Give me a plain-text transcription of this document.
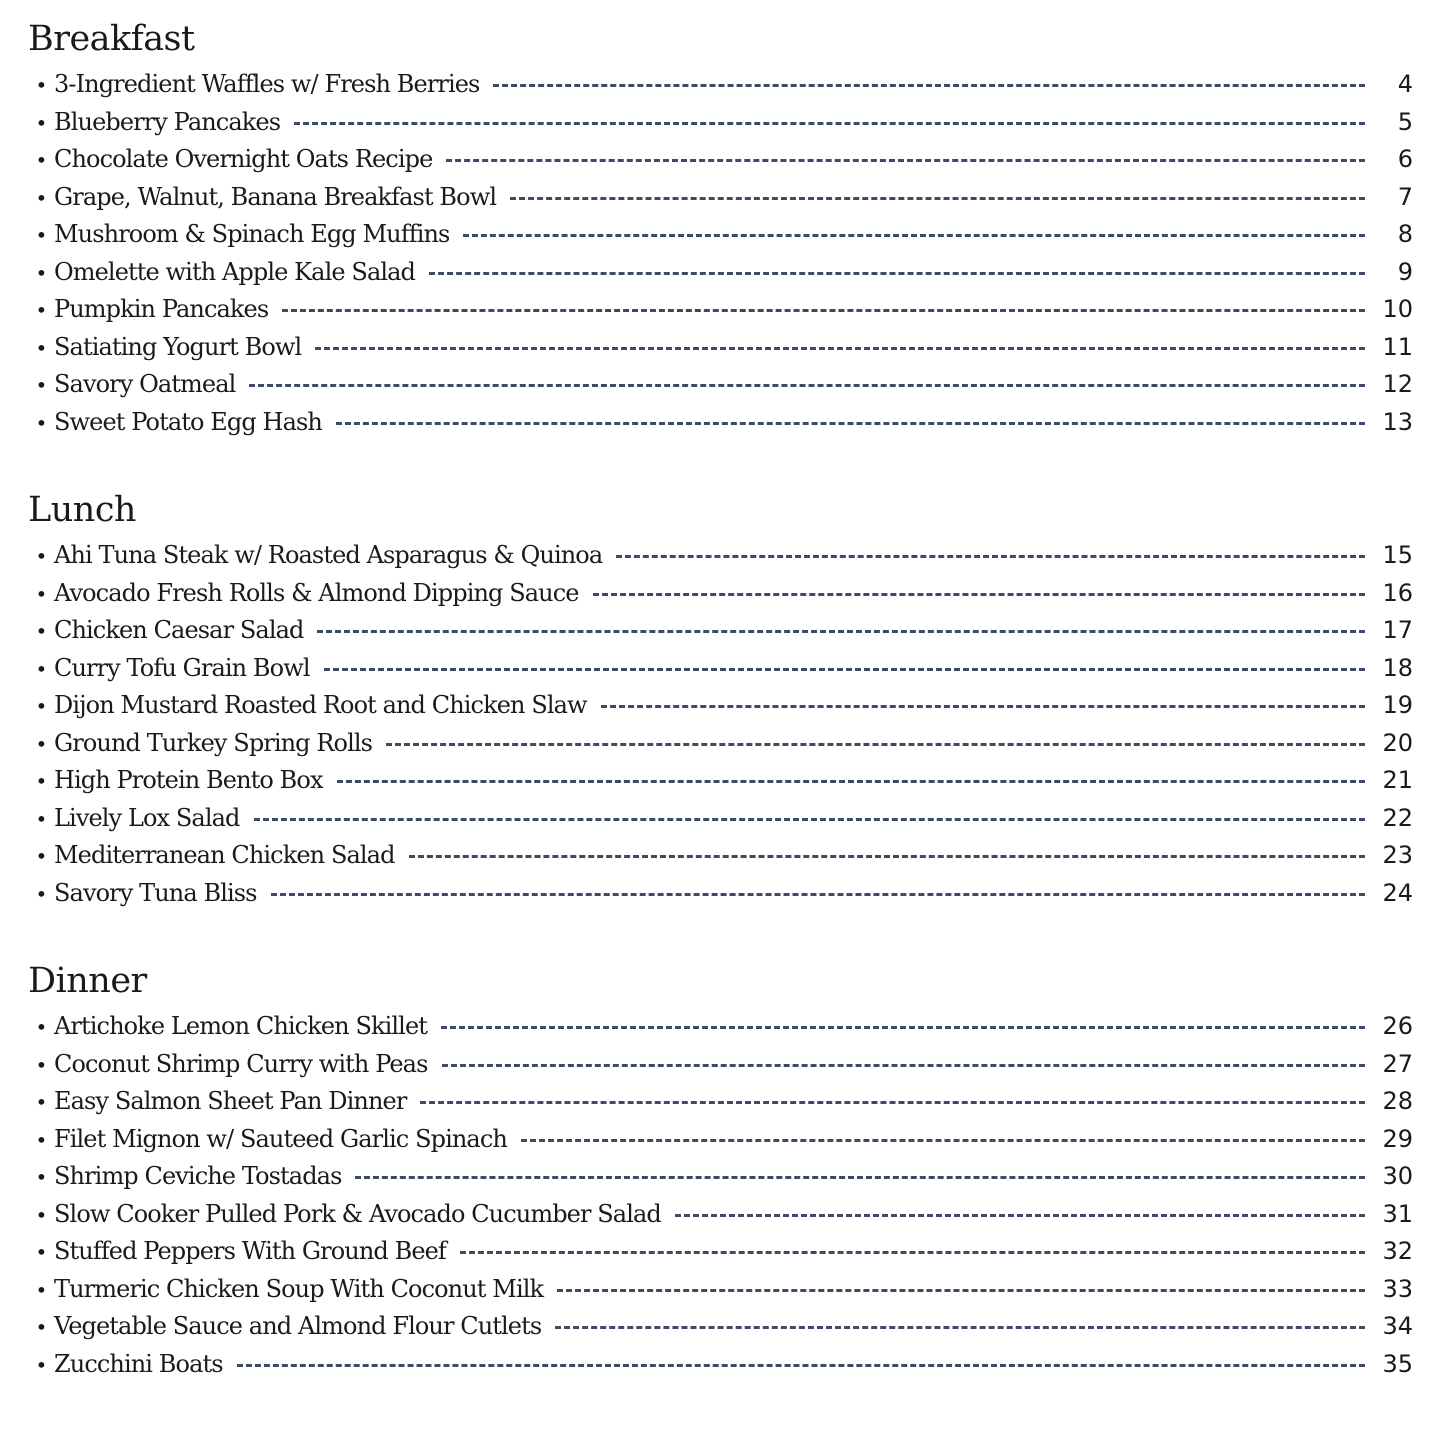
Breakfast
• 3-Ingredient Waffles w/ Fresh Berries	4
• Blueberry Pancakes	5
• Chocolate Overnight Oats Recipe	6
• Grape, Walnut, Banana Breakfast Bowl	7
• Mushroom & Spinach Egg Muffins	8
• Omelette with Apple Kale Salad	9
• Pumpkin Pancakes	10
• Satiating Yogurt Bowl	11
• Savory Oatmeal	12
• Sweet Potato Egg Hash	13
Lunch
• Ahi Tuna Steak w/ Roasted Asparagus & Quinoa	15
• Avocado Fresh Rolls & Almond Dipping Sauce	16
• Chicken Caesar Salad	17
• Curry Tofu Grain Bowl	18
• Dijon Mustard Roasted Root and Chicken Slaw	19
• Ground Turkey Spring Rolls	20
• High Protein Bento Box	21
• Lively Lox Salad	22
• Mediterranean Chicken Salad	23
• Savory Tuna Bliss	24
Dinner
• Artichoke Lemon Chicken Skillet	26
• Coconut Shrimp Curry with Peas	27
• Easy Salmon Sheet Pan Dinner	28
• Filet Mignon w/ Sauteed Garlic Spinach	29
• Shrimp Ceviche Tostadas	30
• Slow Cooker Pulled Pork & Avocado Cucumber Salad	31
• Stuffed Peppers With Ground Beef	32
• Turmeric Chicken Soup With Coconut Milk	33
• Vegetable Sauce and Almond Flour Cutlets	34
• Zucchini Boats	35
